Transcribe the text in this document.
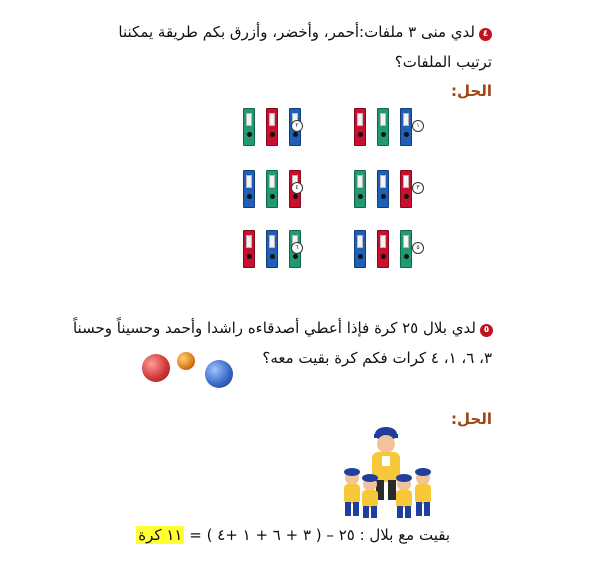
٤لدي منى ٣ ملفات:أحمر، وأخضر، وأزرق بكم طريقة يمكننا
ترتيب الملفات؟
الحل:
١
٢
٣
٤
٥
٦
٥لدي بلال ٢٥ كرة فإذا أعطي أصدقاءه راشدا وأحمد وحسيناً وحسناً
٣، ٦، ١، ٤ كرات فكم كرة بقيت معه؟
الحل:
بقيت مع بلال : ٢٥ – ( ٣ + ٦ + ١ +٤ ) = ١١ كرة
